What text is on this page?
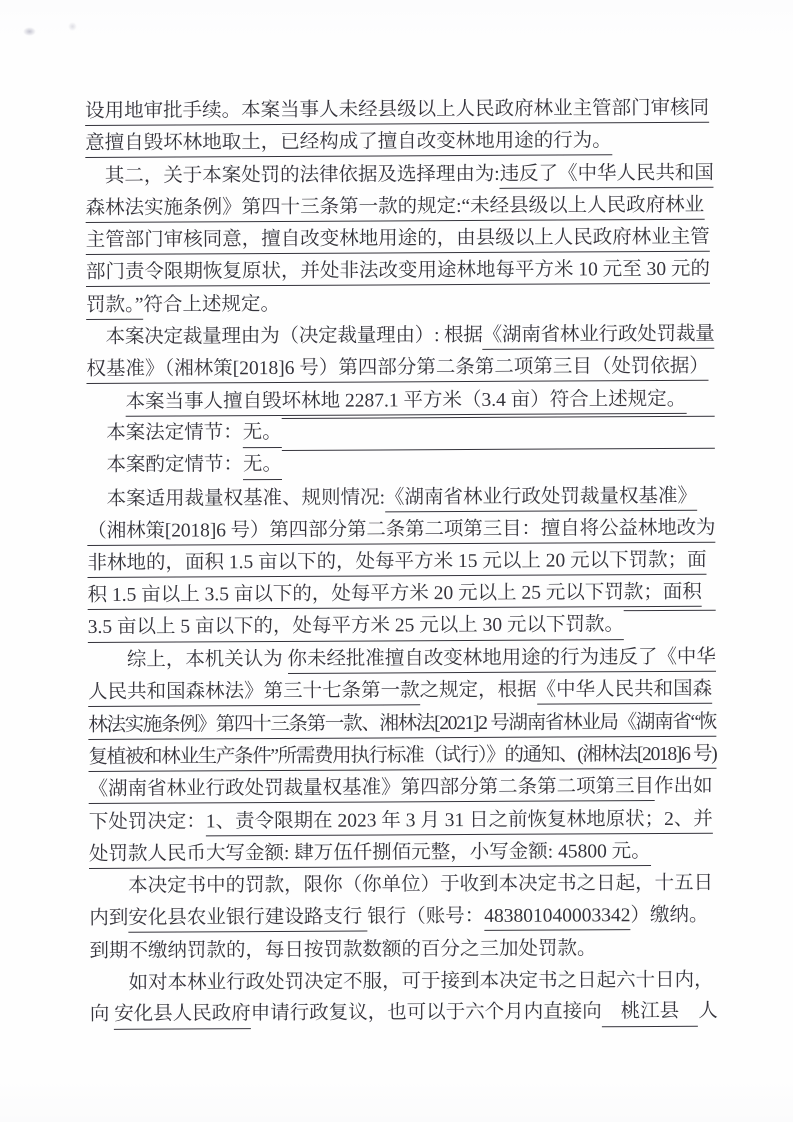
设用地审批手续。本案当事人未经县级以上人民政府林业主管部门审核同
意擅自毁坏林地取土，已经构成了擅自改变林地用途的行为。
　其二，关于本案处罚的法律依据及选择理由为:违反了《中华人民共和国
森林法实施条例》第四十三条第一款的规定:“未经县级以上人民政府林业
主管部门审核同意，擅自改变林地用途的，由县级以上人民政府林业主管
部门责令限期恢复原状，并处非法改变用途林地每平方米 10 元至 30 元的
罚款。”符合上述规定。
　本案决定裁量理由为（决定裁量理由）: 根据《湖南省林业行政处罚裁量
权基准》（湘林策[2018]6 号）第四部分第二条第二项第三目（处罚依据）
　　本案当事人擅自毁坏林地 2287.1 平方米（3.4 亩）符合上述规定。
　本案法定情节： 无。
　本案酌定情节： 无。
　本案适用裁量权基准、规则情况:《湖南省林业行政处罚裁量权基准》
（湘林策[2018]6 号）第四部分第二条第二项第三目：擅自将公益林地改为
非林地的，面积 1.5 亩以下的，处每平方米 15 元以上 20 元以下罚款；面
积 1.5 亩以上 3.5 亩以下的，处每平方米 20 元以上 25 元以下罚款；面积
3.5 亩以上 5 亩以下的，处每平方米 25 元以上 30 元以下罚款。
　　综上，本机关认为 你未经批准擅自改变林地用途的行为违反了《中华
人民共和国森林法》第三十七条第一款之规定，根据《中华人民共和国森
林法实施条例》第四十三条第一款、湘林法[2021]2 号湖南省林业局《湖南省“恢
复植被和林业生产条件”所需费用执行标准（试行）》的通知、(湘林法[2018]6 号)
《湖南省林业行政处罚裁量权基准》第四部分第二条第二项第三目作出如
下处罚决定：1、责令限期在 2023 年 3 月 31 日之前恢复林地原状；2、并
处罚款人民币大写金额: 肆万伍仟捌佰元整，小写金额: 45800 元。
　　本决定书中的罚款，限你（你单位）于收到本决定书之日起，十五日
内到安化县农业银行建设路支行 银行（账号：483801040003342）缴纳。
到期不缴纳罚款的，每日按罚款数额的百分之三加处罚款。
　　如对本林业行政处罚决定不服，可于接到本决定书之日起六十日内，
向 安化县人民政府 申请行政复议，也可以于六个月内直接向 桃江县 人
